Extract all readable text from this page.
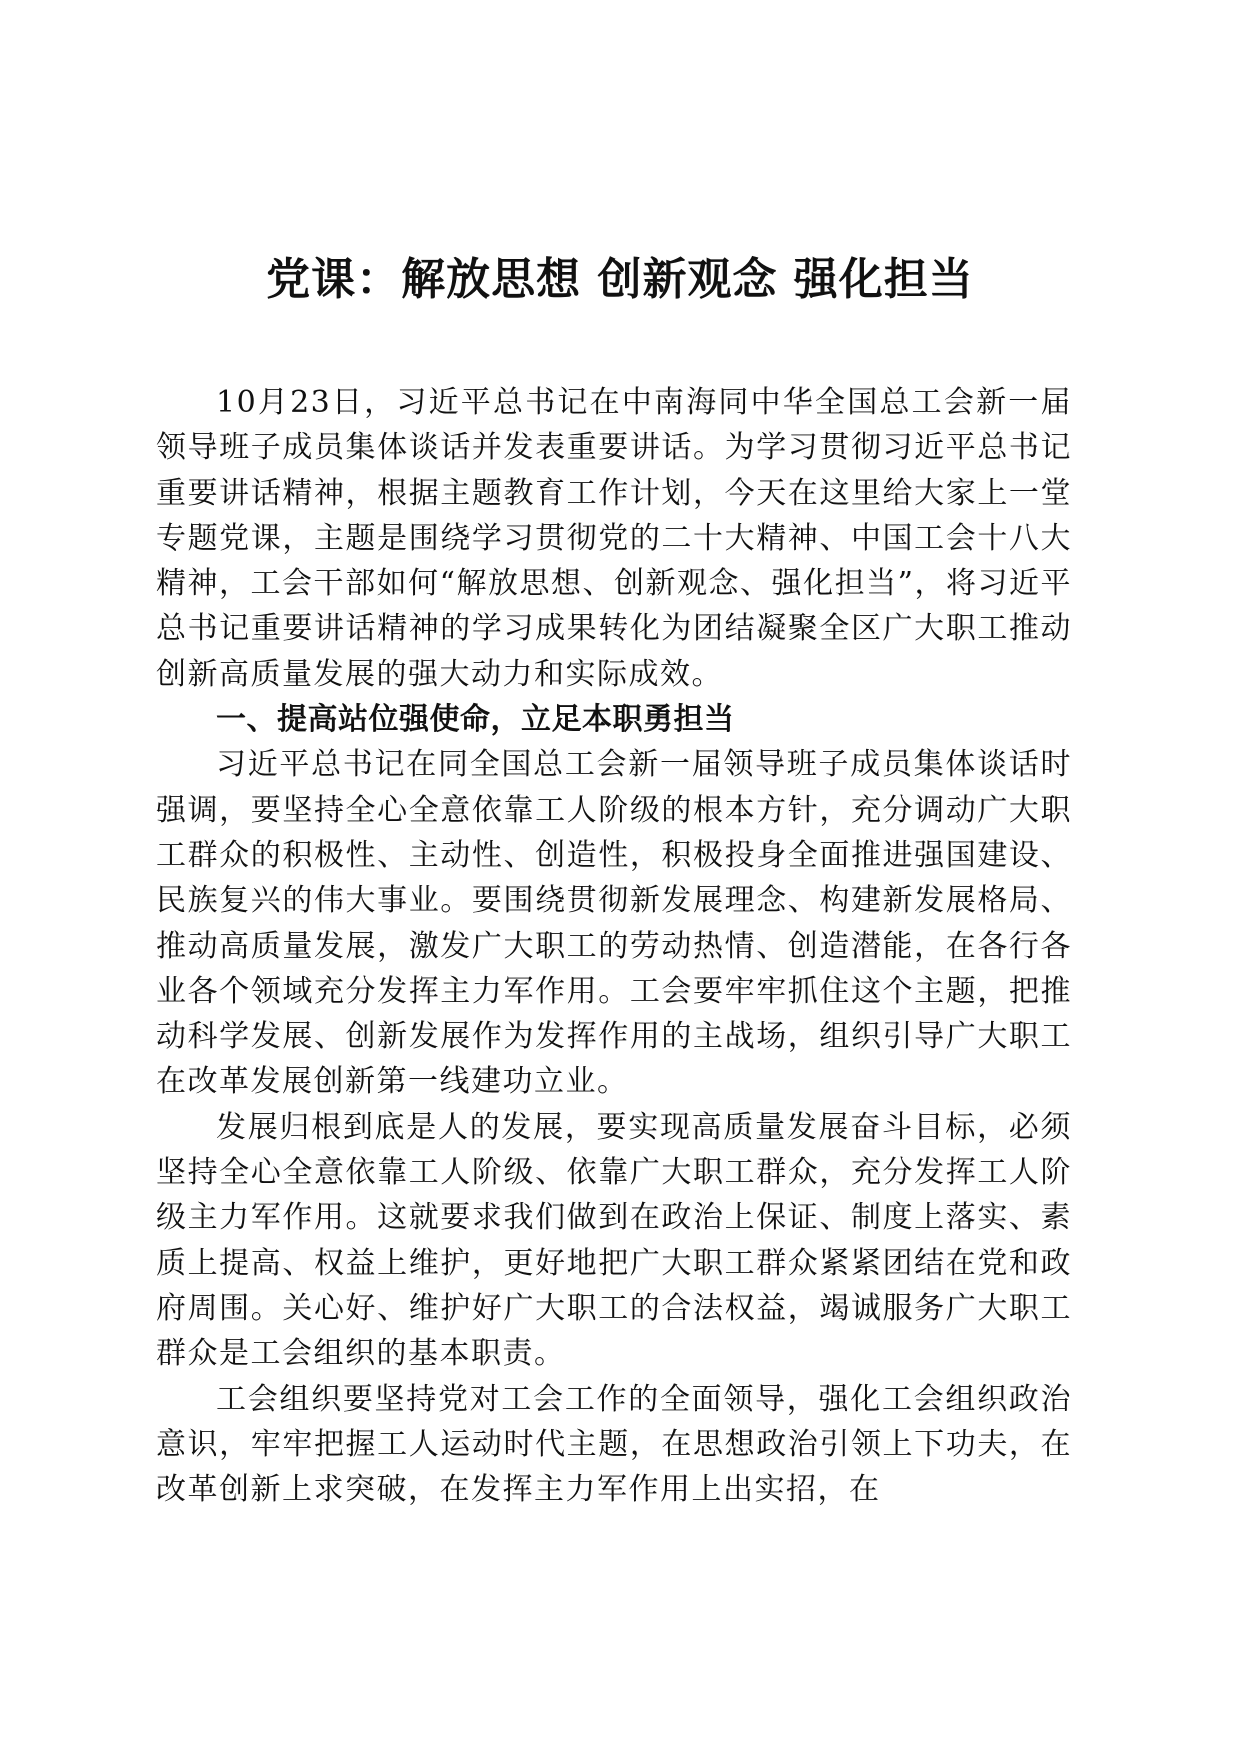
党课：解放思想 创新观念 强化担当

10月23日，习近平总书记在中南海同中华全国总工会新一届领导班子成员集体谈话并发表重要讲话。为学习贯彻习近平总书记重要讲话精神，根据主题教育工作计划，今天在这里给大家上一堂专题党课，主题是围绕学习贯彻党的二十大精神、中国工会十八大精神，工会干部如何“解放思想、创新观念、强化担当”，将习近平总书记重要讲话精神的学习成果转化为团结凝聚全区广大职工推动创新高质量发展的强大动力和实际成效。

一、提高站位强使命，立足本职勇担当

习近平总书记在同全国总工会新一届领导班子成员集体谈话时强调，要坚持全心全意依靠工人阶级的根本方针，充分调动广大职工群众的积极性、主动性、创造性，积极投身全面推进强国建设、民族复兴的伟大事业。要围绕贯彻新发展理念、构建新发展格局、推动高质量发展，激发广大职工的劳动热情、创造潜能，在各行各业各个领域充分发挥主力军作用。工会要牢牢抓住这个主题，把推动科学发展、创新发展作为发挥作用的主战场，组织引导广大职工在改革发展创新第一线建功立业。

发展归根到底是人的发展，要实现高质量发展奋斗目标，必须坚持全心全意依靠工人阶级、依靠广大职工群众，充分发挥工人阶级主力军作用。这就要求我们做到在政治上保证、制度上落实、素质上提高、权益上维护，更好地把广大职工群众紧紧团结在党和政府周围。关心好、维护好广大职工的合法权益，竭诚服务广大职工群众是工会组织的基本职责。

工会组织要坚持党对工会工作的全面领导，强化工会组织政治意识，牢牢把握工人运动时代主题，在思想政治引领上下功夫，在改革创新上求突破，在发挥主力军作用上出实招，在
